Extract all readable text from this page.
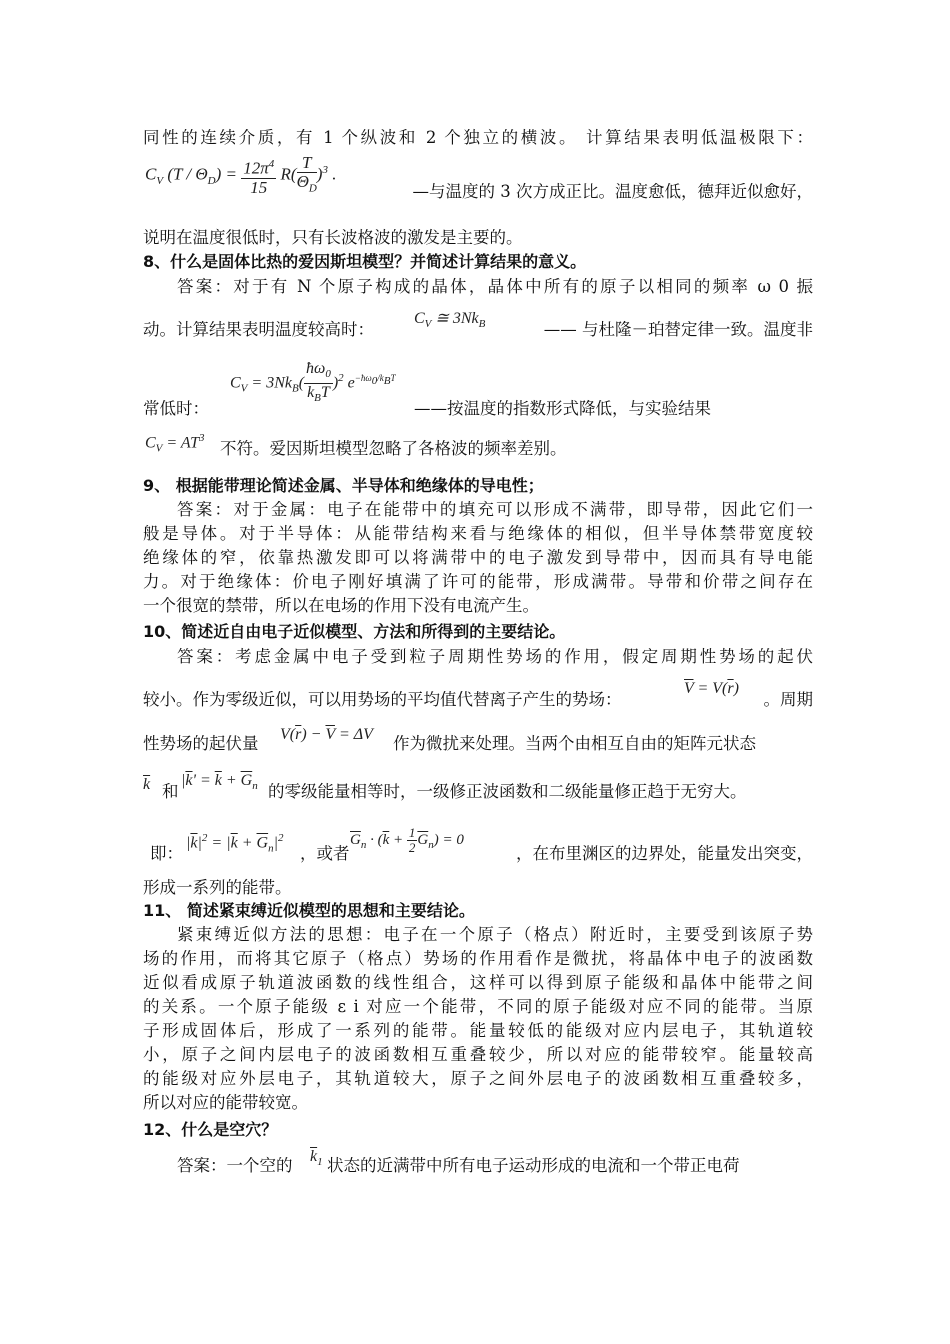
同性的连续介质，有 1 个纵波和 2 个独立的横波。 计算结果表明低温极限下：
$C_V$ $(T / \Theta_D) = \frac{12\pi^4}{15} R( \frac{T}{\Theta_D} )^3$ .
—与温度的 3 次方成正比。温度愈低，德拜近似愈好，
说明在温度很低时，只有长波格波的激发是主要的。
8、什么是固体比热的爱因斯坦模型？并简述计算结果的意义。
答案：对于有 N 个原子构成的晶体，晶体中所有的原子以相同的频率 ω 0 振
动。计算结果表明温度较高时：
$C_V$ ≅ $3Nk_B$	—— 与杜隆－珀替定律一致。温度非
$C_V = 3Nk_B( \frac{ħ\omega_0}{k_BT} )^2$ $e^{-ħ\omega_0/k_BT}$
常低时：	——按温度的指数形式降低，与实验结果
$C_V = AT^3$
不符。爱因斯坦模型忽略了各格波的频率差别。
9、 根据能带理论简述金属、半导体和绝缘体的导电性；
答案：对于金属：电子在能带中的填充可以形成不满带，即导带，因此它们一
般是导体。对于半导体：从能带结构来看与绝缘体的相似，但半导体禁带宽度较
绝缘体的窄，依靠热激发即可以将满带中的电子激发到导带中，因而具有导电能
力。对于绝缘体：价电子刚好填满了许可的能带，形成满带。导带和价带之间存在
一个很宽的禁带，所以在电场的作用下没有电流产生。
10、简述近自由电子近似模型、方法和所得到的主要结论。
答案：考虑金属中电子受到粒子周期性势场的作用，假定周期性势场的起伏
较小。作为零级近似，可以用势场的平均值代替离子产生的势场：
$\overline{V} = V(\overline{r})$
。周期
性势场的起伏量	$V(\overline{r}) - \overline{V} = \Delta V$ 作为微扰来处理。当两个由相互自由的矩阵元状态
$\overline{k}$ 和
$|\overline{k}' = \overline{k} + \overline{G}_n$ 的零级能量相等时，一级修正波函数和二级能量修正趋于无穷大。
即：
$|\overline{k}|^2 = |\overline{k} + \overline{G}_n|^2$
，或者
$\overline{G}_n \cdot (\overline{k} + \frac{1}{2} \overline{G}_n) = 0$
，在布里渊区的边界处，能量发出突变，
形成一系列的能带。
11、 简述紧束缚近似模型的思想和主要结论。
紧束缚近似方法的思想：电子在一个原子（格点）附近时，主要受到该原子势
场的作用，而将其它原子（格点）势场的作用看作是微扰，将晶体中电子的波函数
近似看成原子轨道波函数的线性组合，这样可以得到原子能级和晶体中能带之间
的关系。一个原子能级 ε i 对应一个能带，不同的原子能级对应不同的能带。当原
子形成固体后，形成了一系列的能带。能量较低的能级对应内层电子，其轨道较
小，原子之间内层电子的波函数相互重叠较少，所以对应的能带较窄。能量较高
的能级对应外层电子，其轨道较大，原子之间外层电子的波函数相互重叠较多，
所以对应的能带较宽。
12、什么是空穴？
答案：一个空的	$\overline{k}_1$ 状态的近满带中所有电子运动形成的电流和一个带正电荷
